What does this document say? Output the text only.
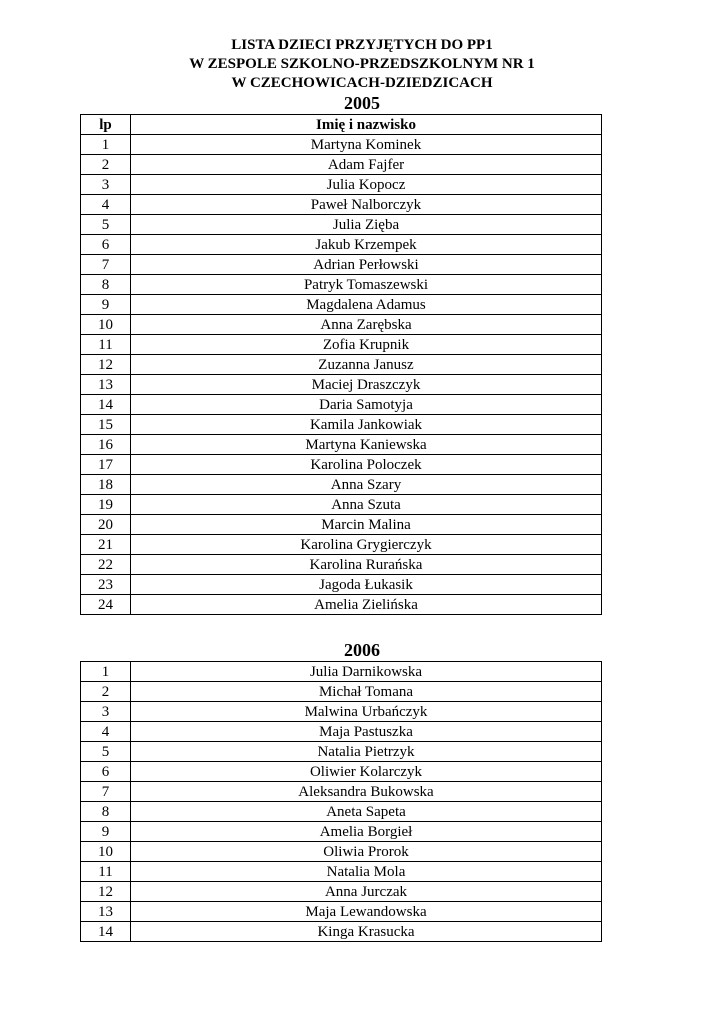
LISTA DZIECI PRZYJĘTYCH DO PP1
W ZESPOLE SZKOLNO-PRZEDSZKOLNYM NR 1
W CZECHOWICACH-DZIEDZICACH
2005
lp	Imię i nazwisko
1	Martyna Kominek
2	Adam Fajfer
3	Julia Kopocz
4	Paweł Nalborczyk
5	Julia Zięba
6	Jakub Krzempek
7	Adrian Perłowski
8	Patryk Tomaszewski
9	Magdalena Adamus
10	Anna Zarębska
11	Zofia Krupnik
12	Zuzanna Janusz
13	Maciej Draszczyk
14	Daria Samotyja
15	Kamila Jankowiak
16	Martyna Kaniewska
17	Karolina Poloczek
18	Anna Szary
19	Anna Szuta
20	Marcin Malina
21	Karolina Grygierczyk
22	Karolina Rurańska
23	Jagoda Łukasik
24	Amelia Zielińska
2006
1	Julia Darnikowska
2	Michał Tomana
3	Malwina Urbańczyk
4	Maja Pastuszka
5	Natalia Pietrzyk
6	Oliwier Kolarczyk
7	Aleksandra Bukowska
8	Aneta Sapeta
9	Amelia Borgieł
10	Oliwia Prorok
11	Natalia Mola
12	Anna Jurczak
13	Maja Lewandowska
14	Kinga Krasucka
